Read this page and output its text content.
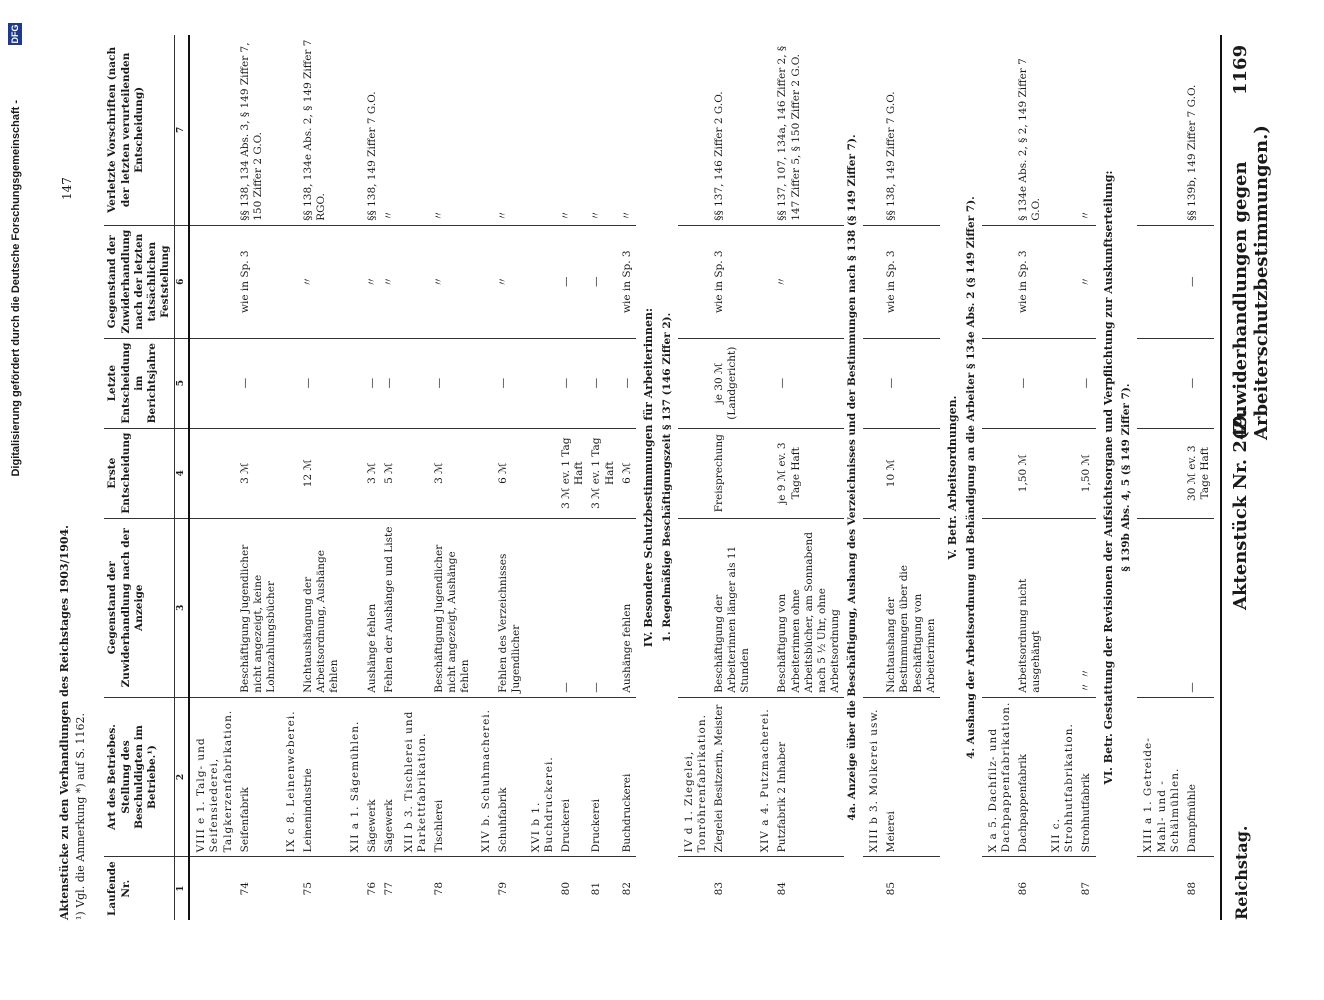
Reichstag.
Aktenstück Nr. 249.
(Zuwiderhandlungen gegen Arbeiterschutzbestimmungen.)
1169
Laufende Nr.	Art des Betriebes. Stellung des Beschuldigten im Betriebe.¹)	Gegenstand der Zuwiderhandlung nach der Anzeige	Erste Entscheidung	Letzte Entscheidung im Berichtsjahre	Gegenstand der Zuwiderhandlung nach der letzten tatsächlichen Feststellung	Verletzte Vorschriften (nach der letzten verurteilenden Entscheidung)
1	2	3	4	5	6	7
	VIII e 1. Talg- und Seifensiederei, Talgkerzenfabrikation.					
74	Seifenfabrik	Beschäftigung Jugendlicher nicht angezeigt, keine Lohnzahlungsbücher	3 ℳ	—	wie in Sp. 3	§§ 138, 134 Abs. 3, § 149 Ziffer 7, 150 Ziffer 2 G.O.
	IX c 8. Leinenweberei.					
75	Leinenindustrie	Nichtaushängung der Arbeitsordnung, Aushänge fehlen	12 ℳ	—	〃	§§ 138, 134e Abs. 2, § 149 Ziffer 7 RGO.
	XII a 1. Sägemühlen.					
76	Sägewerk	Aushänge fehlen	3 ℳ	—	〃	§§ 138, 149 Ziffer 7 G.O.
77	Sägewerk	Fehlen der Aushänge und Liste	5 ℳ	—	〃	〃
	XII b 3. Tischlerei und Parkettfabrikation.					
78	Tischlerei	Beschäftigung Jugendlicher nicht angezeigt, Aushänge fehlen	3 ℳ	—	〃	〃
	XIV b. Schuhmacherei.					
79	Schuhfabrik	Fehlen des Verzeichnisses Jugendlicher	6 ℳ	—	〃	〃
	XVI b 1. Buchdruckerei.					
80	Druckerei	—	3 ℳ ev. 1 Tag Haft	—	—	〃
81	Druckerei	—	3 ℳ ev. 1 Tag Haft	—	—	〃
82	Buchdruckerei	Aushänge fehlen	6 ℳ	—	wie in Sp. 3	〃
IV. Besondere Schutzbestimmungen für Arbeiterinnen:						
1. Regelmäßige Beschäftigungszeit § 137 (146 Ziffer 2).						
	IV d 1. Ziegelei, Tonröhrenfabrikation.					
83	Ziegelei Besitzerin, Meister	Beschäftigung der Arbeiterinnen länger als 11 Stunden	Freisprechung	je 30 ℳ (Landgericht)	wie in Sp. 3	§§ 137, 146 Ziffer 2 G.O.
	XIV a 4. Putzmacherei.					
84	Putzfabrik 2 Inhaber	Beschäftigung von Arbeiterinnen ohne Arbeitsbücher, am Sonnabend nach 5 ½ Uhr, ohne Arbeitsordnung	je 9 ℳ ev. 3 Tage Haft	—	〃	§§ 137, 107, 134a, 146 Ziffer 2, § 147 Ziffer 5, § 150 Ziffer 2 G.O.
4a. Anzeige über die Beschäftigung, Aushang des Verzeichnisses und der Bestimmungen nach § 138 (§ 149 Ziffer 7).						
	XIII b 3. Molkerei usw.					
85	Meierei	Nichtaushang der Bestimmungen über die Beschäftigung von Arbeiterinnen	10 ℳ	—	wie in Sp. 3	§§ 138, 149 Ziffer 7 G.O.
V. Betr. Arbeitsordnungen.						
4. Aushang der Arbeitsordnung und Behändigung an die Arbeiter § 134e Abs. 2 (§ 149 Ziffer 7).						
	X a 5. Dachfilz- und Dachpappenfabrikation.					
86	Dachpappenfabrik	Arbeitsordnung nicht ausgehängt	1,50 ℳ	—	wie in Sp. 3	§ 134e Abs. 2, § 2, 149 Ziffer 7 G.O.
	XII c. Strohhutfabrikation.					
87	Strohhutfabrik	〃 〃	1,50 ℳ	—	〃	〃
VI. Betr. Gestattung der Revisionen der Aufsichtsorgane und Verpflichtung zur Auskunftserteilung:						
§ 139b Abs. 4, 5 (§ 149 Ziffer 7).						
	XIII a 1. Getreide-Mahl- und -Schälmühlen.					
88	Dampfmühle	—	30 ℳ ev. 3 Tage Haft	—	—	§§ 139b, 149 Ziffer 7 G.O.
¹) Vgl. die Anmerkung *) auf S. 1162.
Aktenstücke zu den Verhandlungen des Reichstages 1903/1904.
147
Digitalisierung gefördert durch die Deutsche Forschungsgemeinschaft -
DFG
